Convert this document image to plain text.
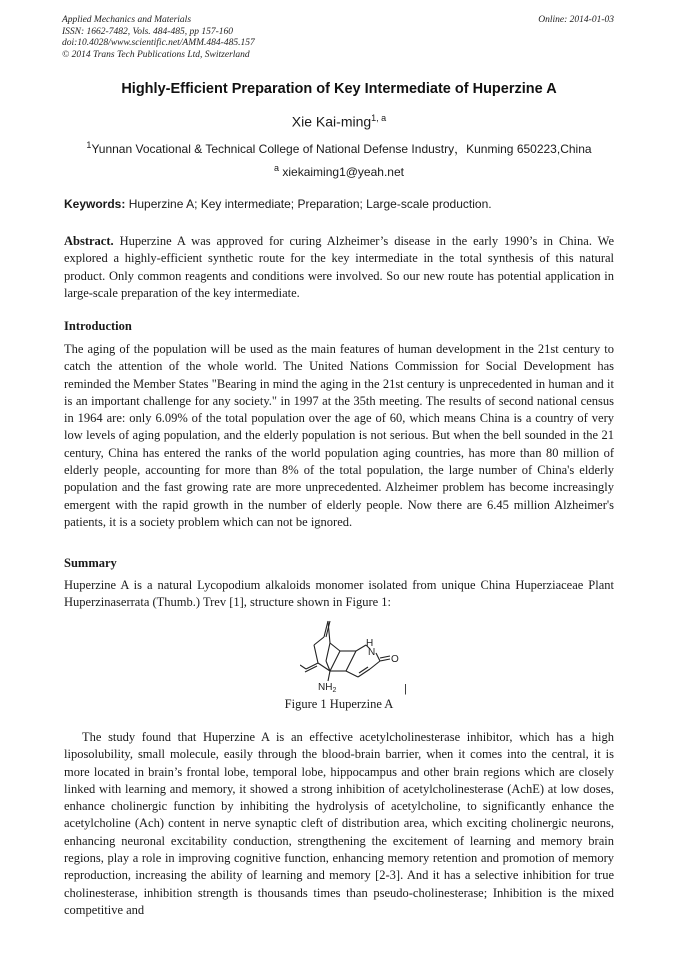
Applied Mechanics and Materials
ISSN: 1662-7482, Vols. 484-485, pp 157-160
doi:10.4028/www.scientific.net/AMM.484-485.157
© 2014 Trans Tech Publications Ltd, Switzerland
Online: 2014-01-03
Highly-Efficient Preparation of Key Intermediate of Huperzine A
Xie Kai-ming$^{1, a}$
$^1$Yunnan Vocational & Technical College of National Defense Industry，Kunming 650223,China
$^a$ xiekaiming1@yeah.net
Keywords: Huperzine A; Key intermediate; Preparation; Large-scale production.
Abstract. Huperzine A was approved for curing Alzheimer’s disease in the early 1990’s in China. We explored a highly-efficient synthetic route for the key intermediate in the total synthesis of this natural product. Only common reagents and conditions were involved. So our new route has potential application in large-scale preparation of the key intermediate.
Introduction
The aging of the population will be used as the main features of human development in the 21st century to catch the attention of the whole world. The United Nations Commission for Social Development has reminded the Member States "Bearing in mind the aging in the 21st century is unprecedented in human and it is an important challenge for any society." in 1997 at the 35th meeting. The results of second national census in 1964 are: only 6.09% of the total population over the age of 60, which means China is a country of very low levels of aging population, and the elderly population is not serious. But when the bell sounded in the 21 century, China has entered the ranks of the world population aging countries, has more than 80 million of elderly people, accounting for more than 8% of the total population, the large number of China's elderly population and the fast growing rate are more unprecedented. Alzheimer problem has become increasingly emergent with the rapid growth in the number of elderly people. Now there are 6.45 million Alzheimer's patients, it is a society problem which can not be ignored.
Summary
Huperzine A is a natural Lycopodium alkaloids monomer isolated from unique China Huperziaceae Plant Huperzinaserrata (Thumb.) Trev [1], structure shown in Figure 1:
H
N
O
$NH_2$	|
Figure 1 Huperzine A
The study found that Huperzine A is an effective acetylcholinesterase inhibitor, which has a high liposolubility, small molecule, easily through the blood-brain barrier, when it comes into the central, it is more located in brain’s frontal lobe, temporal lobe, hippocampus and other brain regions which are closely linked with learning and memory, it showed a strong inhibition of acetylcholinesterase (AchE) at low doses, enhance cholinergic function by inhibiting the hydrolysis of acetylcholine, to significantly enhance the acetylcholine (Ach) content in nerve synaptic cleft of distribution area, which exciting cholinergic neurons, enhancing neuronal excitability conduction, strengthening the excitement of learning and memory brain regions, play a role in improving cognitive function, enhancing memory retention and promotion of memory reproduction, increasing the ability of learning and memory [2-3]. And it has a selective inhibition for true cholinesterase, inhibition strength is thousands times than pseudo-cholinesterase; Inhibition is the mixed competitive and
